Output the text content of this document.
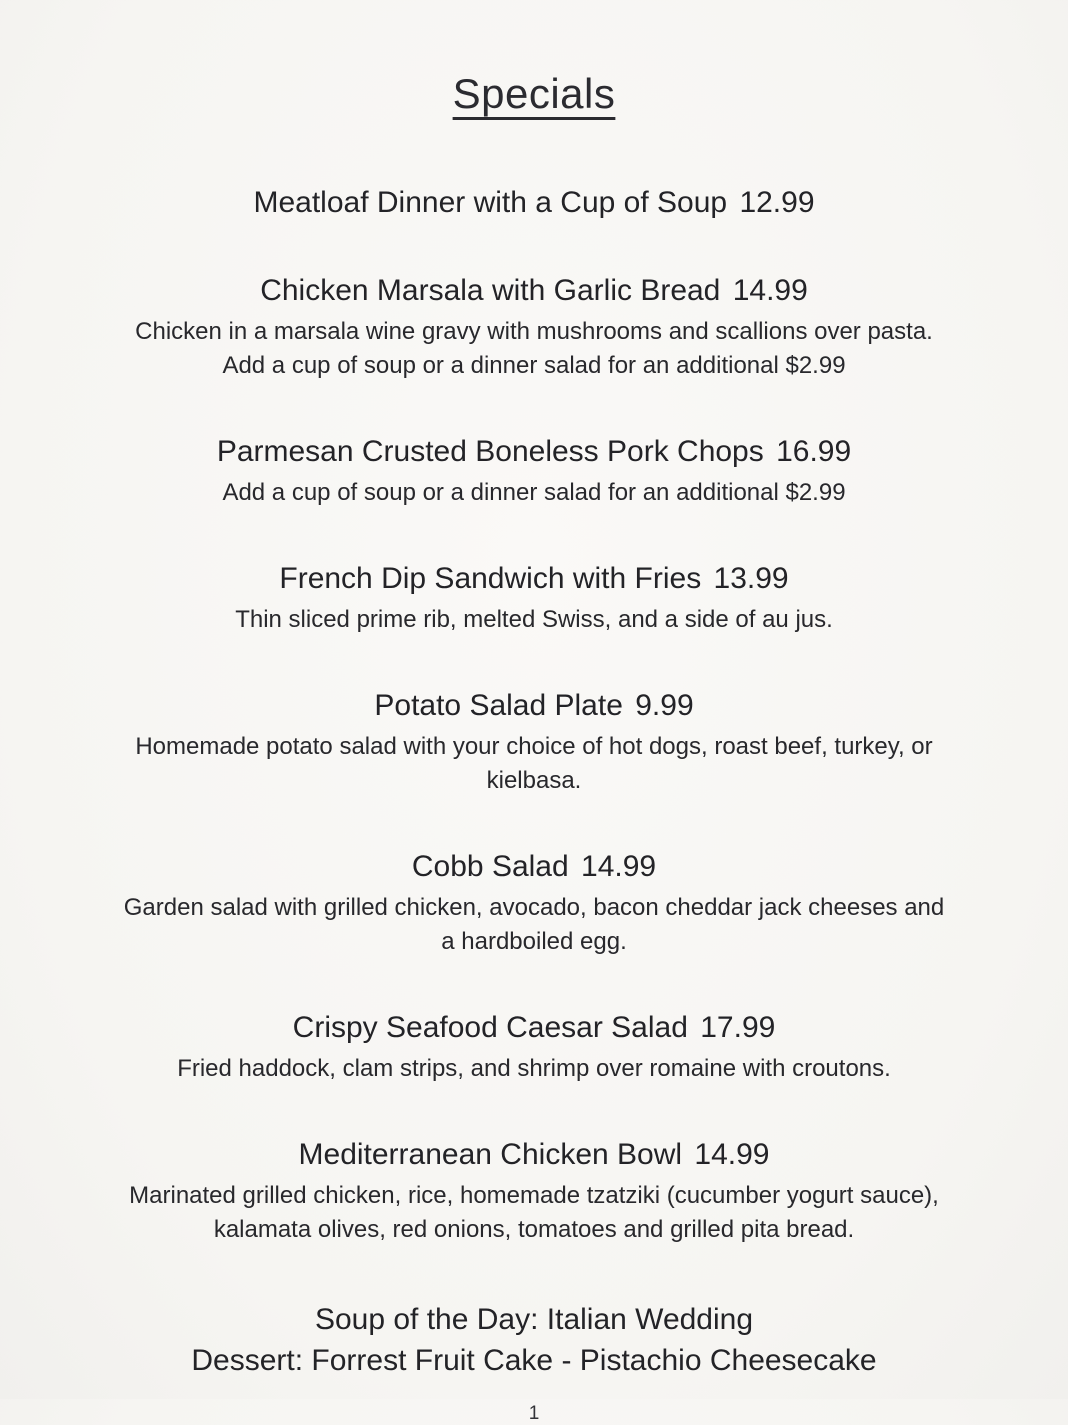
Specials
Meatloaf Dinner with a Cup of Soup 12.99
Chicken Marsala with Garlic Bread 14.99

Chicken in a marsala wine gravy with mushrooms and scallions over pasta. Add a cup of soup or a dinner salad for an additional $2.99

Parmesan Crusted Boneless Pork Chops 16.99

Add a cup of soup or a dinner salad for an additional $2.99

French Dip Sandwich with Fries 13.99

Thin sliced prime rib, melted Swiss, and a side of au jus.

Potato Salad Plate 9.99

Homemade potato salad with your choice of hot dogs, roast beef, turkey, or kielbasa.

Cobb Salad 14.99

Garden salad with grilled chicken, avocado, bacon cheddar jack cheeses and a hardboiled egg.

Crispy Seafood Caesar Salad 17.99

Fried haddock, clam strips, and shrimp over romaine with croutons.

Mediterranean Chicken Bowl 14.99

Marinated grilled chicken, rice, homemade tzatziki (cucumber yogurt sauce), kalamata olives, red onions, tomatoes and grilled pita bread.

Soup of the Day: Italian Wedding
Dessert: Forrest Fruit Cake - Pistachio Cheesecake
1
